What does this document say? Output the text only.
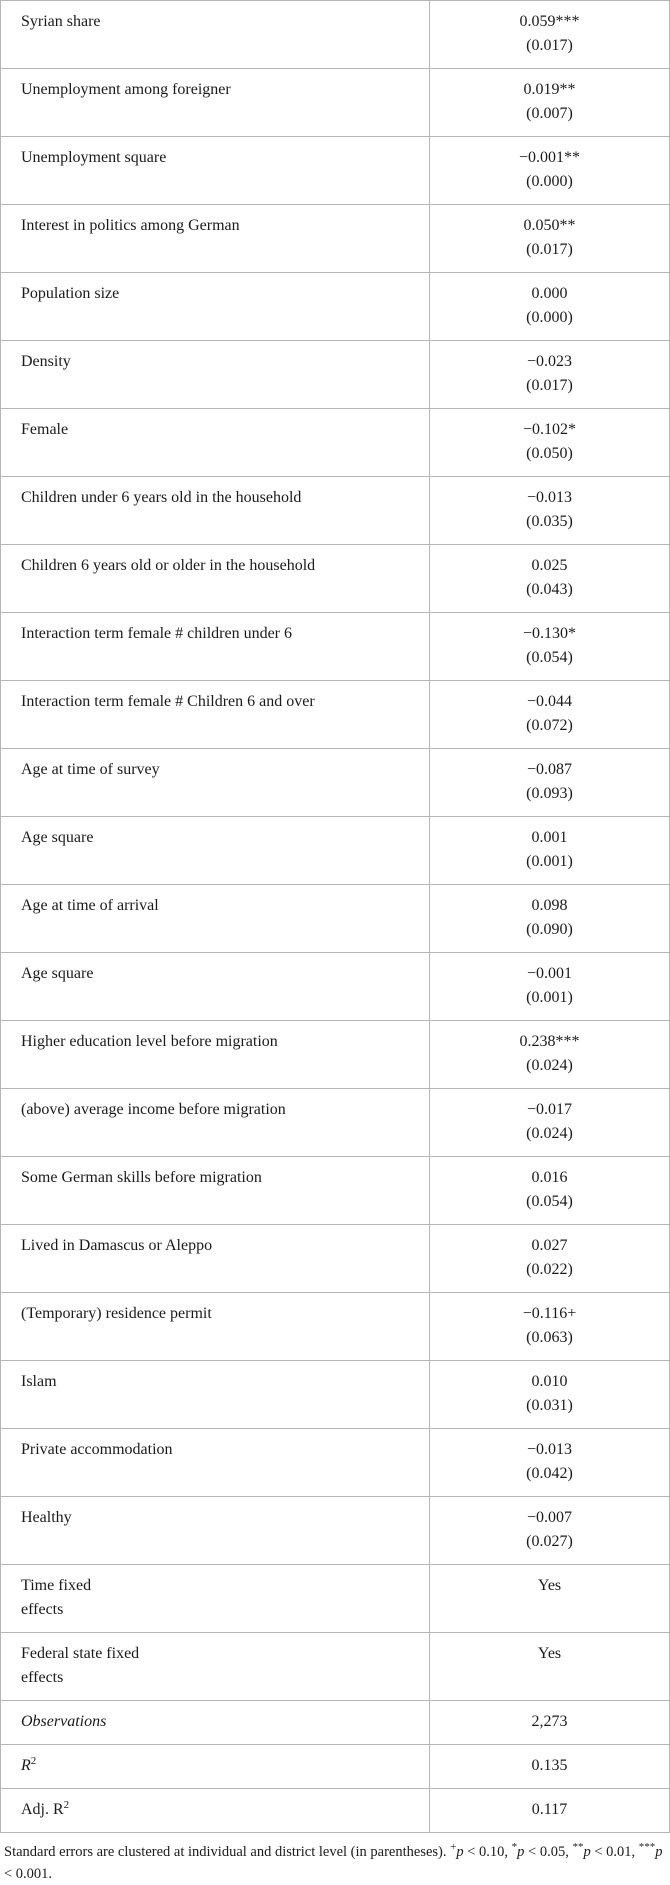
Syrian share	0.059***
(0.017)

Unemployment among foreigner	0.019**
(0.007)

Unemployment square	−0.001**
(0.000)

Interest in politics among German	0.050**
(0.017)

Population size	0.000
(0.000)

Density	−0.023
(0.017)

Female	−0.102*
(0.050)

Children under 6 years old in the household	−0.013
(0.035)

Children 6 years old or older in the household	0.025
(0.043)

Interaction term female # children under 6	−0.130*
(0.054)

Interaction term female # Children 6 and over	−0.044
(0.072)

Age at time of survey	−0.087
(0.093)

Age square	0.001
(0.001)

Age at time of arrival	0.098
(0.090)

Age square	−0.001
(0.001)

Higher education level before migration	0.238***
(0.024)

(above) average income before migration	−0.017
(0.024)

Some German skills before migration	0.016
(0.054)

Lived in Damascus or Aleppo	0.027
(0.022)

(Temporary) residence permit	−0.116+
(0.063)

Islam	0.010
(0.031)

Private accommodation	−0.013
(0.042)

Healthy	−0.007
(0.027)

Time fixed
effects	Yes

Federal state fixed
effects	Yes
Observations	2,273
$R^2$	0.135
Adj. $R^2$	0.117
Standard errors are clustered at individual and district level (in parentheses). +p < 0.10, *p < 0.05, **p < 0.01, ***p < 0.001.
